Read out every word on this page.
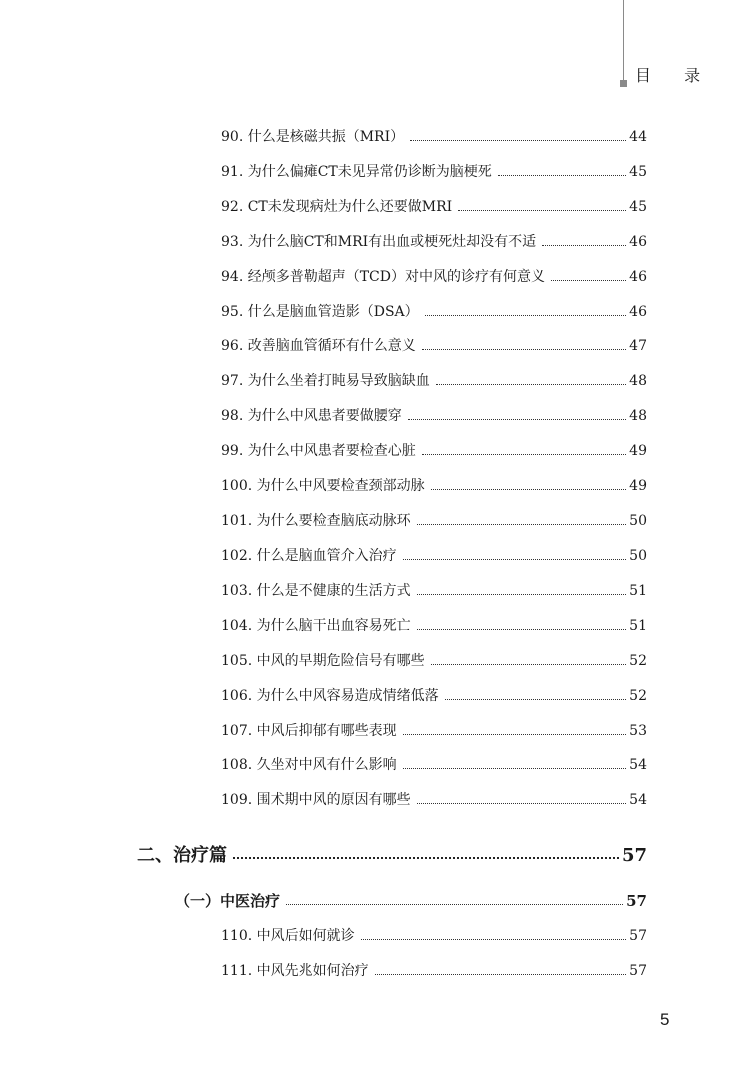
目 录
90. 什么是核磁共振（MRI）	44
91. 为什么偏瘫CT未见异常仍诊断为脑梗死	45
92. CT未发现病灶为什么还要做MRI	45
93. 为什么脑CT和MRI有出血或梗死灶却没有不适	46
94. 经颅多普勒超声（TCD）对中风的诊疗有何意义	46
95. 什么是脑血管造影（DSA）	46
96. 改善脑血管循环有什么意义	47
97. 为什么坐着打盹易导致脑缺血	48
98. 为什么中风患者要做腰穿	48
99. 为什么中风患者要检查心脏	49
100. 为什么中风要检查颈部动脉	49
101. 为什么要检查脑底动脉环	50
102. 什么是脑血管介入治疗	50
103. 什么是不健康的生活方式	51
104. 为什么脑干出血容易死亡	51
105. 中风的早期危险信号有哪些	52
106. 为什么中风容易造成情绪低落	52
107. 中风后抑郁有哪些表现	53
108. 久坐对中风有什么影响	54
109. 围术期中风的原因有哪些	54
二、治疗篇	57
（一）中医治疗	57
110. 中风后如何就诊	57
111. 中风先兆如何治疗	57
5
